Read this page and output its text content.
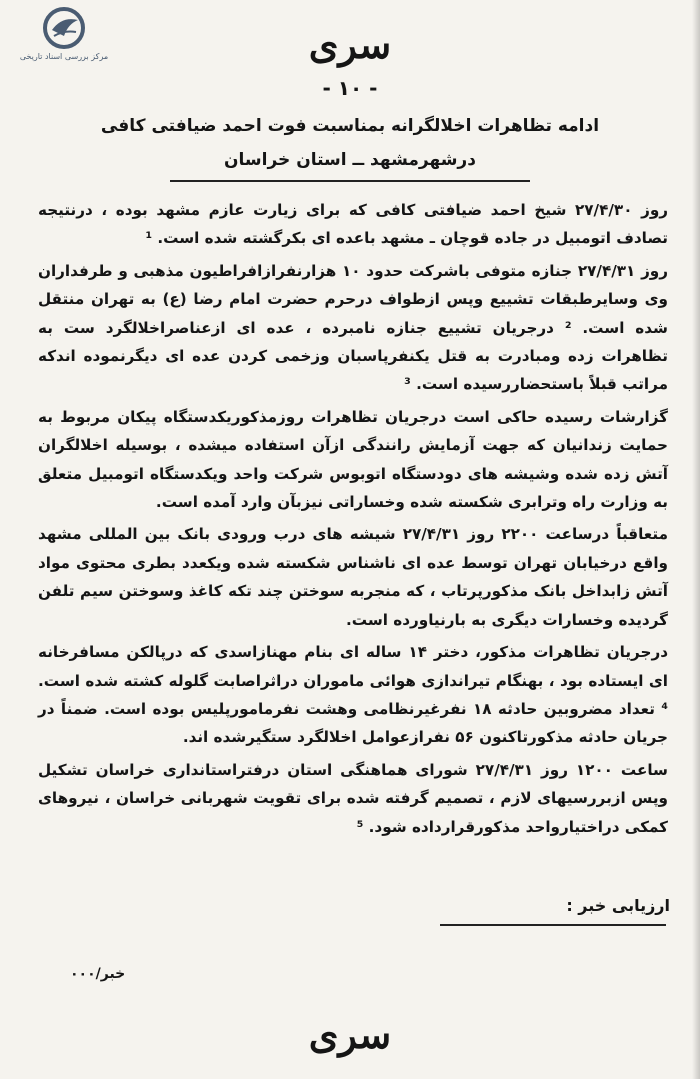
مرکز بررسی اسناد تاریخی	سری
- ۱۰ -
ادامه تظاهرات اخلالگرانه بمناسبت فوت احمد ضیافتی کافی
درشهرمشهد ــ استان خراسان

روز ۲۷/۴/۳۰ شیخ احمد ضیافتی کافی که برای زیارت عازم مشهد بوده ، درنتیجه تصادف اتومبیل در جاده قوچان ـ مشهد باعده ای بکرگشته شده است. ¹

روز ۲۷/۴/۳۱ جنازه متوفی باشرکت حدود ۱۰ هزارنفرازافراطیون مذهبی و طرفداران وی وسایرطبقات تشییع وپس ازطواف درحرم حضرت امام رضا (ع) به تهران منتقل شده است. ² درجریان تشییع جنازه نامبرده ، عده ای ازعناصراخلالگرد ست به تظاهرات زده ومبادرت به قتل یکنفرپاسبان وزخمی کردن عده ای دیگرنموده اندکه مراتب قبلاً باستحضاررسیده است. ³

گزارشات رسیده حاکی است درجریان تظاهرات روزمذکوریکدستگاه پیکان مربوط به حمایت زندانیان که جهت آزمایش رانندگی ازآن استفاده میشده ، بوسیله اخلالگران آتش زده شده وشیشه های دودستگاه اتوبوس شرکت واحد ویکدستگاه اتومبیل متعلق به وزارت راه وترابری شکسته شده وخساراتی نیزبآن وارد آمده است.

متعاقباً درساعت ۲۲۰۰ روز ۲۷/۴/۳۱ شیشه های درب ورودی بانک بین المللی مشهد واقع درخیابان تهران توسط عده ای ناشناس شکسته شده ویکعدد بطری محتوی مواد آتش زابداخل بانک مذکورپرتاب ، که منجربه سوختن چند تکه کاغذ وسوختن سیم تلفن گردیده وخسارات دیگری به بارنیاورده است.

درجریان تظاهرات مذکور، دختر ۱۴ ساله ای بنام مهنازاسدی که درپالکن مسافرخانه ای ایستاده بود ، بهنگام تیراندازی هوائی ماموران دراثراصابت گلوله کشته شده است. ⁴ تعداد مضروبین حادثه ۱۸ نفرغیرنظامی وهشت نفرمامورپلیس بوده است. ضمناً در جریان حادثه مذکورتاکنون ۵۶ نفرازعوامل اخلالگرد ستگیرشده اند.

ساعت ۱۲۰۰ روز ۲۷/۴/۳۱ شورای هماهنگی استان درفتراستانداری خراسان تشکیل وپس ازبررسیهای لازم ، تصمیم گرفته شده برای تقویت شهربانی خراسان ، نیروهای کمکی دراختیارواحد مذکورقرارداده شود. ⁵

ارزیابی خبر :
خبر/۰۰۰
سری
